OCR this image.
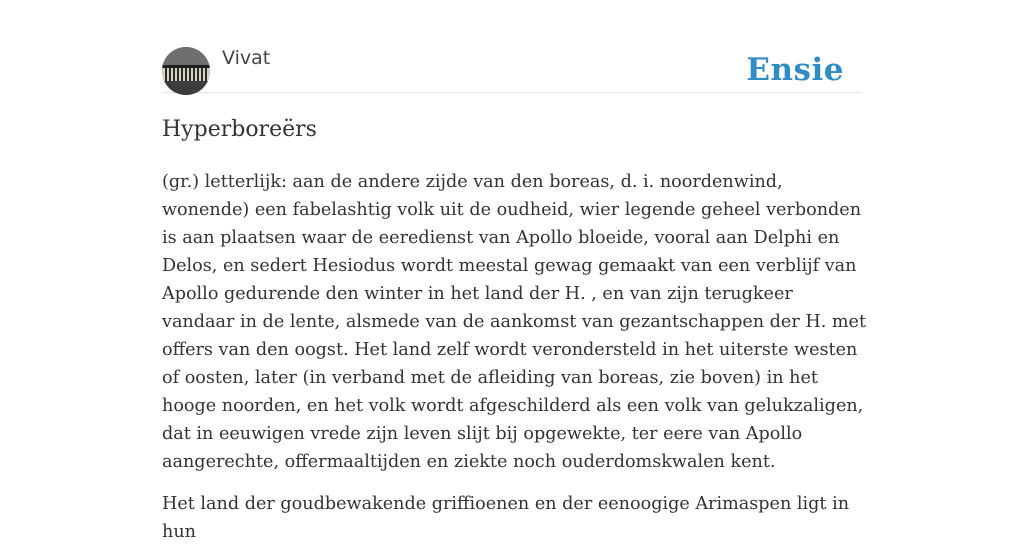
Vivat	Ensie
Hyperboreërs

(gr.) letterlijk: aan de andere zijde van den boreas, d. i. noordenwind, wonende) een fabelashtig volk uit de oudheid, wier legende geheel verbonden is aan plaatsen waar de eeredienst van Apollo bloeide, vooral aan Delphi en Delos, en sedert Hesiodus wordt meestal gewag gemaakt van een verblijf van Apollo gedurende den winter in het land der H. , en van zijn terugkeer vandaar in de lente, alsmede van de aankomst van gezantschappen der H. met offers van den oogst. Het land zelf wordt verondersteld in het uiterste westen of oosten, later (in verband met de afleiding van boreas, zie boven) in het hooge noorden, en het volk wordt afgeschilderd als een volk van gelukzaligen, dat in eeuwigen vrede zijn leven slijt bij opgewekte, ter eere van Apollo aangerechte, offermaaltijden en ziekte noch ouderdomskwalen kent.

Het land der goudbewakende griffioenen en der eenoogige Arimaspen ligt in hun
